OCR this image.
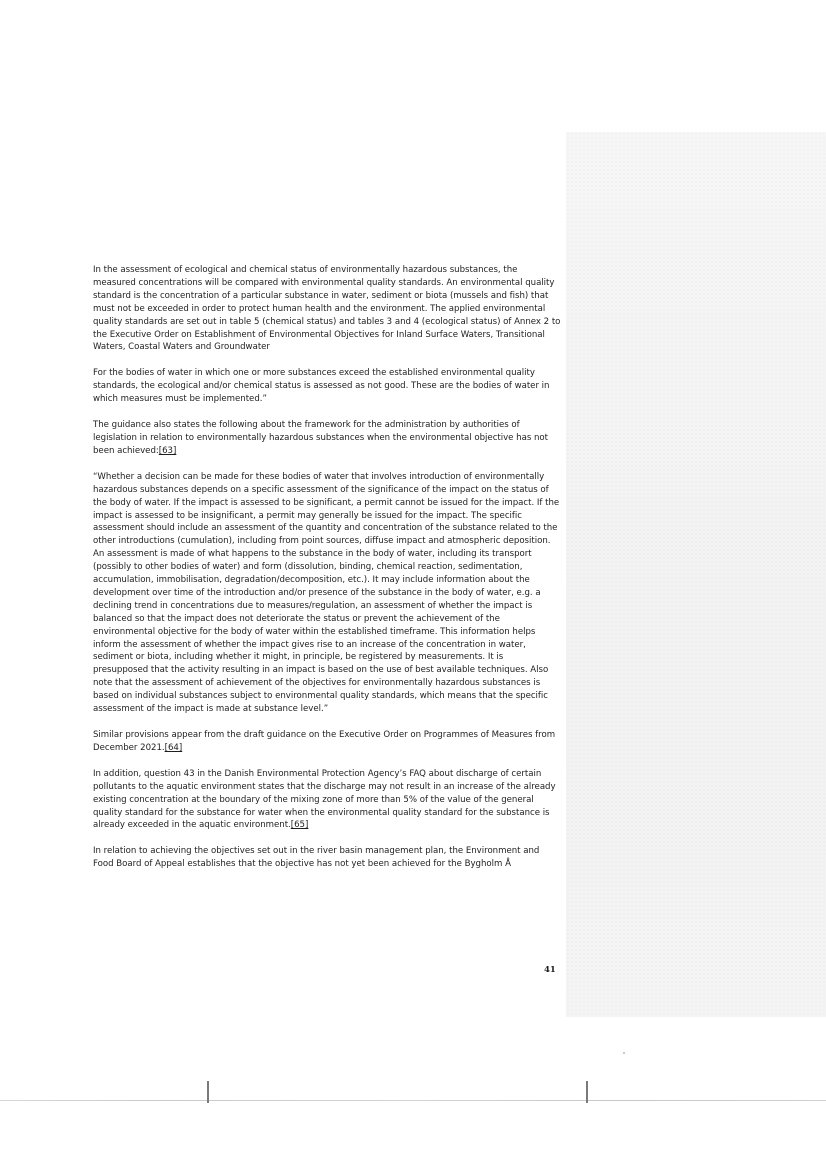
In the assessment of ecological and chemical status of environmentally hazardous substances, the measured concentrations will be compared with environmental quality standards. An environmental quality standard is the concentration of a particular substance in water, sediment or biota (mussels and fish) that must not be exceeded in order to protect human health and the environment. The applied environmental quality standards are set out in table 5 (chemical status) and tables 3 and 4 (ecological status) of Annex 2 to the Executive Order on Establishment of Environmental Objectives for Inland Surface Waters, Transitional Waters, Coastal Waters and Groundwater

For the bodies of water in which one or more substances exceed the established environmental quality standards, the ecological and/or chemical status is assessed as not good. These are the bodies of water in which measures must be implemented.”

The guidance also states the following about the framework for the administration by authorities of legislation in relation to environmentally hazardous substances when the environmental objective has not been achieved:[63]

“Whether a decision can be made for these bodies of water that involves introduction of environmentally hazardous substances depends on a specific assessment of the significance of the impact on the status of the body of water. If the impact is assessed to be significant, a permit cannot be issued for the impact. If the impact is assessed to be insignificant, a permit may generally be issued for the impact. The specific assessment should include an assessment of the quantity and concentration of the substance related to the other introductions (cumulation), including from point sources, diffuse impact and atmospheric deposition. An assessment is made of what happens to the substance in the body of water, including its transport (possibly to other bodies of water) and form (dissolution, binding, chemical reaction, sedimentation, accumulation, immobilisation, degradation/decomposition, etc.). It may include information about the development over time of the introduction and/or presence of the substance in the body of water, e.g. a declining trend in concentrations due to measures/regulation, an assessment of whether the impact is balanced so that the impact does not deteriorate the status or prevent the achievement of the environmental objective for the body of water within the established timeframe. This information helps inform the assessment of whether the impact gives rise to an increase of the concentration in water, sediment or biota, including whether it might, in principle, be registered by measurements. It is presupposed that the activity resulting in an impact is based on the use of best available techniques. Also note that the assessment of achievement of the objectives for environmentally hazardous substances is based on individual substances subject to environmental quality standards, which means that the specific assessment of the impact is made at substance level.”

Similar provisions appear from the draft guidance on the Executive Order on Programmes of Measures from December 2021.[64]

In addition, question 43 in the Danish Environmental Protection Agency’s FAQ about discharge of certain pollutants to the aquatic environment states that the discharge may not result in an increase of the already existing concentration at the boundary of the mixing zone of more than 5% of the value of the general quality standard for the substance for water when the environmental quality standard for the substance is already exceeded in the aquatic environment.[65]

In relation to achieving the objectives set out in the river basin management plan, the Environment and Food Board of Appeal establishes that the objective has not yet been achieved for the Bygholm Å

41
